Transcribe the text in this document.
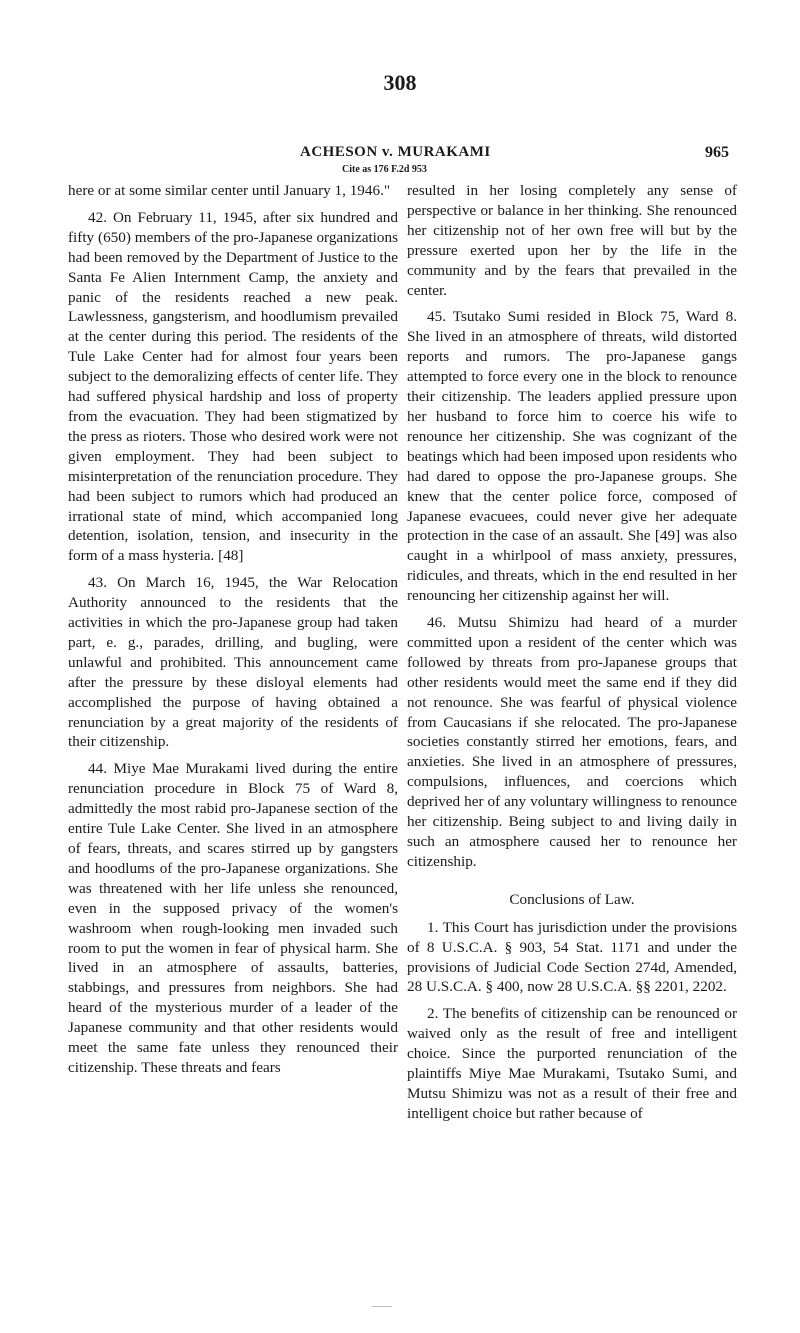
308
ACHESON v. MURAKAMI
Cite as 176 F.2d 953
965

here or at some similar center until January 1, 1946."

42. On February 11, 1945, after six hundred and fifty (650) members of the pro-Japanese organizations had been removed by the Department of Justice to the Santa Fe Alien Internment Camp, the anxiety and panic of the residents reached a new peak. Lawlessness, gangsterism, and hoodlumism prevailed at the center during this period. The residents of the Tule Lake Center had for almost four years been subject to the demoralizing effects of center life. They had suffered physical hardship and loss of property from the evacuation. They had been stigmatized by the press as rioters. Those who desired work were not given employment. They had been subject to misinterpretation of the renunciation procedure. They had been subject to rumors which had produced an irrational state of mind, which accompanied long detention, isolation, tension, and insecurity in the form of a mass hysteria. [48]

43. On March 16, 1945, the War Relocation Authority announced to the residents that the activities in which the pro-Japanese group had taken part, e. g., parades, drilling, and bugling, were unlawful and prohibited. This announcement came after the pressure by these disloyal elements had accomplished the purpose of having obtained a renunciation by a great majority of the residents of their citizenship.

44. Miye Mae Murakami lived during the entire renunciation procedure in Block 75 of Ward 8, admittedly the most rabid pro-Japanese section of the entire Tule Lake Center. She lived in an atmosphere of fears, threats, and scares stirred up by gangsters and hoodlums of the pro-Japanese organizations. She was threatened with her life unless she renounced, even in the supposed privacy of the women's washroom when rough-looking men invaded such room to put the women in fear of physical harm. She lived in an atmosphere of assaults, batteries, stabbings, and pressures from neighbors. She had heard of the mysterious murder of a leader of the Japanese community and that other residents would meet the same fate unless they renounced their citizenship. These threats and fears

resulted in her losing completely any sense of perspective or balance in her thinking. She renounced her citizenship not of her own free will but by the pressure exerted upon her by the life in the community and by the fears that prevailed in the center.

45. Tsutako Sumi resided in Block 75, Ward 8. She lived in an atmosphere of threats, wild distorted reports and rumors. The pro-Japanese gangs attempted to force every one in the block to renounce their citizenship. The leaders applied pressure upon her husband to force him to coerce his wife to renounce her citizenship. She was cognizant of the beatings which had been imposed upon residents who had dared to oppose the pro-Japanese groups. She knew that the center police force, composed of Japanese evacuees, could never give her adequate protection in the case of an assault. She [49] was also caught in a whirlpool of mass anxiety, pressures, ridicules, and threats, which in the end resulted in her renouncing her citizenship against her will.

46. Mutsu Shimizu had heard of a murder committed upon a resident of the center which was followed by threats from pro-Japanese groups that other residents would meet the same end if they did not renounce. She was fearful of physical violence from Caucasians if she relocated. The pro-Japanese societies constantly stirred her emotions, fears, and anxieties. She lived in an atmosphere of pressures, compulsions, influences, and coercions which deprived her of any voluntary willingness to renounce her citizenship. Being subject to and living daily in such an atmosphere caused her to renounce her citizenship.

Conclusions of Law.

1. This Court has jurisdiction under the provisions of 8 U.S.C.A. § 903, 54 Stat. 1171 and under the provisions of Judicial Code Section 274d, Amended, 28 U.S.C.A. § 400, now 28 U.S.C.A. §§ 2201, 2202.

2. The benefits of citizenship can be renounced or waived only as the result of free and intelligent choice. Since the purported renunciation of the plaintiffs Miye Mae Murakami, Tsutako Sumi, and Mutsu Shimizu was not as a result of their free and intelligent choice but rather because of
